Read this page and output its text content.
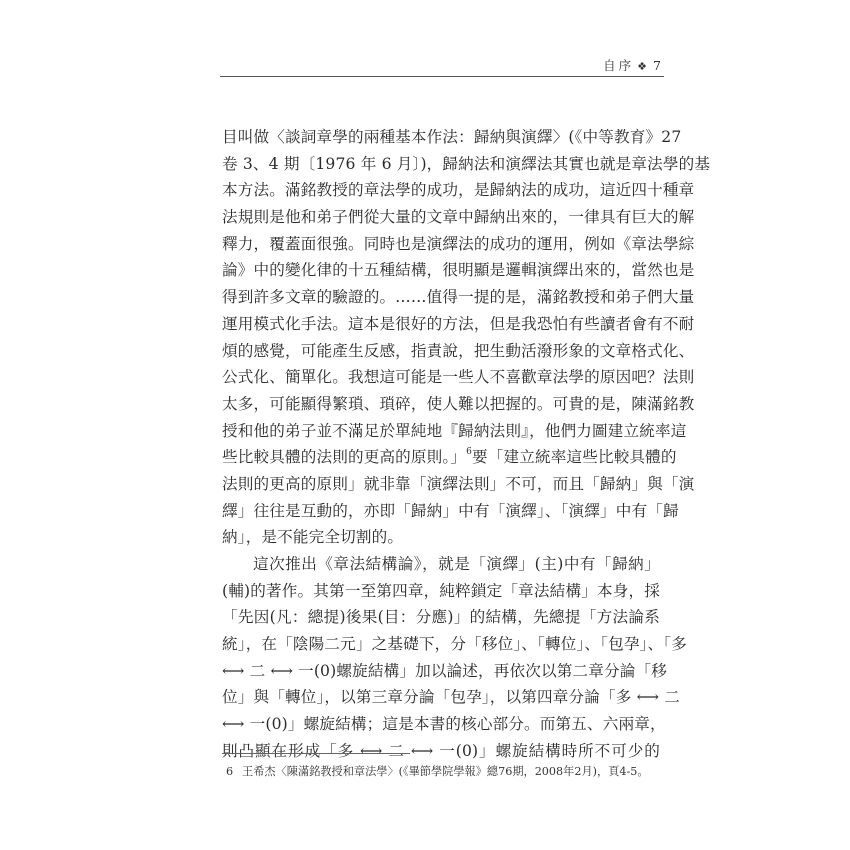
自序 ❖ 7
目叫做〈談詞章學的兩種基本作法：歸納與演繹〉(《中等教育》27
卷 3、4 期〔1976 年 6 月〕)，歸納法和演繹法其實也就是章法學的基
本方法。滿銘教授的章法學的成功，是歸納法的成功，這近四十種章
法規則是他和弟子們從大量的文章中歸納出來的，一律具有巨大的解
釋力，覆蓋面很強。同時也是演繹法的成功的運用，例如《章法學綜
論》中的變化律的十五種結構，很明顯是邏輯演繹出來的，當然也是
得到許多文章的驗證的。……值得一提的是，滿銘教授和弟子們大量
運用模式化手法。這本是很好的方法，但是我恐怕有些讀者會有不耐
煩的感覺，可能產生反感，指責說，把生動活潑形象的文章格式化、
公式化、簡單化。我想這可能是一些人不喜歡章法學的原因吧？法則
太多，可能顯得繁瑣、瑣碎，使人難以把握的。可貴的是，陳滿銘教
授和他的弟子並不滿足於單純地『歸納法則』，他們力圖建立統率這
些比較具體的法則的更高的原則。」$^6$要「建立統率這些比較具體的
法則的更高的原則」就非靠「演繹法則」不可，而且「歸納」與「演
繹」往往是互動的，亦即「歸納」中有「演繹」、「演繹」中有「歸
納」，是不能完全切割的。
這次推出《章法結構論》，就是「演繹」(主)中有「歸納」
(輔)的著作。其第一至第四章，純粹鎖定「章法結構」本身，採
「先因(凡：總提)後果(目：分應)」的結構，先總提「方法論系
統」，在「陰陽二元」之基礎下，分「移位」、「轉位」、「包孕」、「多
⟷ 二 ⟷ 一(0)螺旋結構」加以論述，再依次以第二章分論「移
位」與「轉位」，以第三章分論「包孕」，以第四章分論「多 ⟷ 二
⟷ 一(0)」螺旋結構；這是本書的核心部分。而第五、六兩章，
則凸顯在形成「多 ⟷ 二 ⟷ 一(0)」螺旋結構時所不可少的
6 王希杰〈陳滿銘教授和章法學〉(《畢節學院學報》總76期，2008年2月)，頁4-5。
